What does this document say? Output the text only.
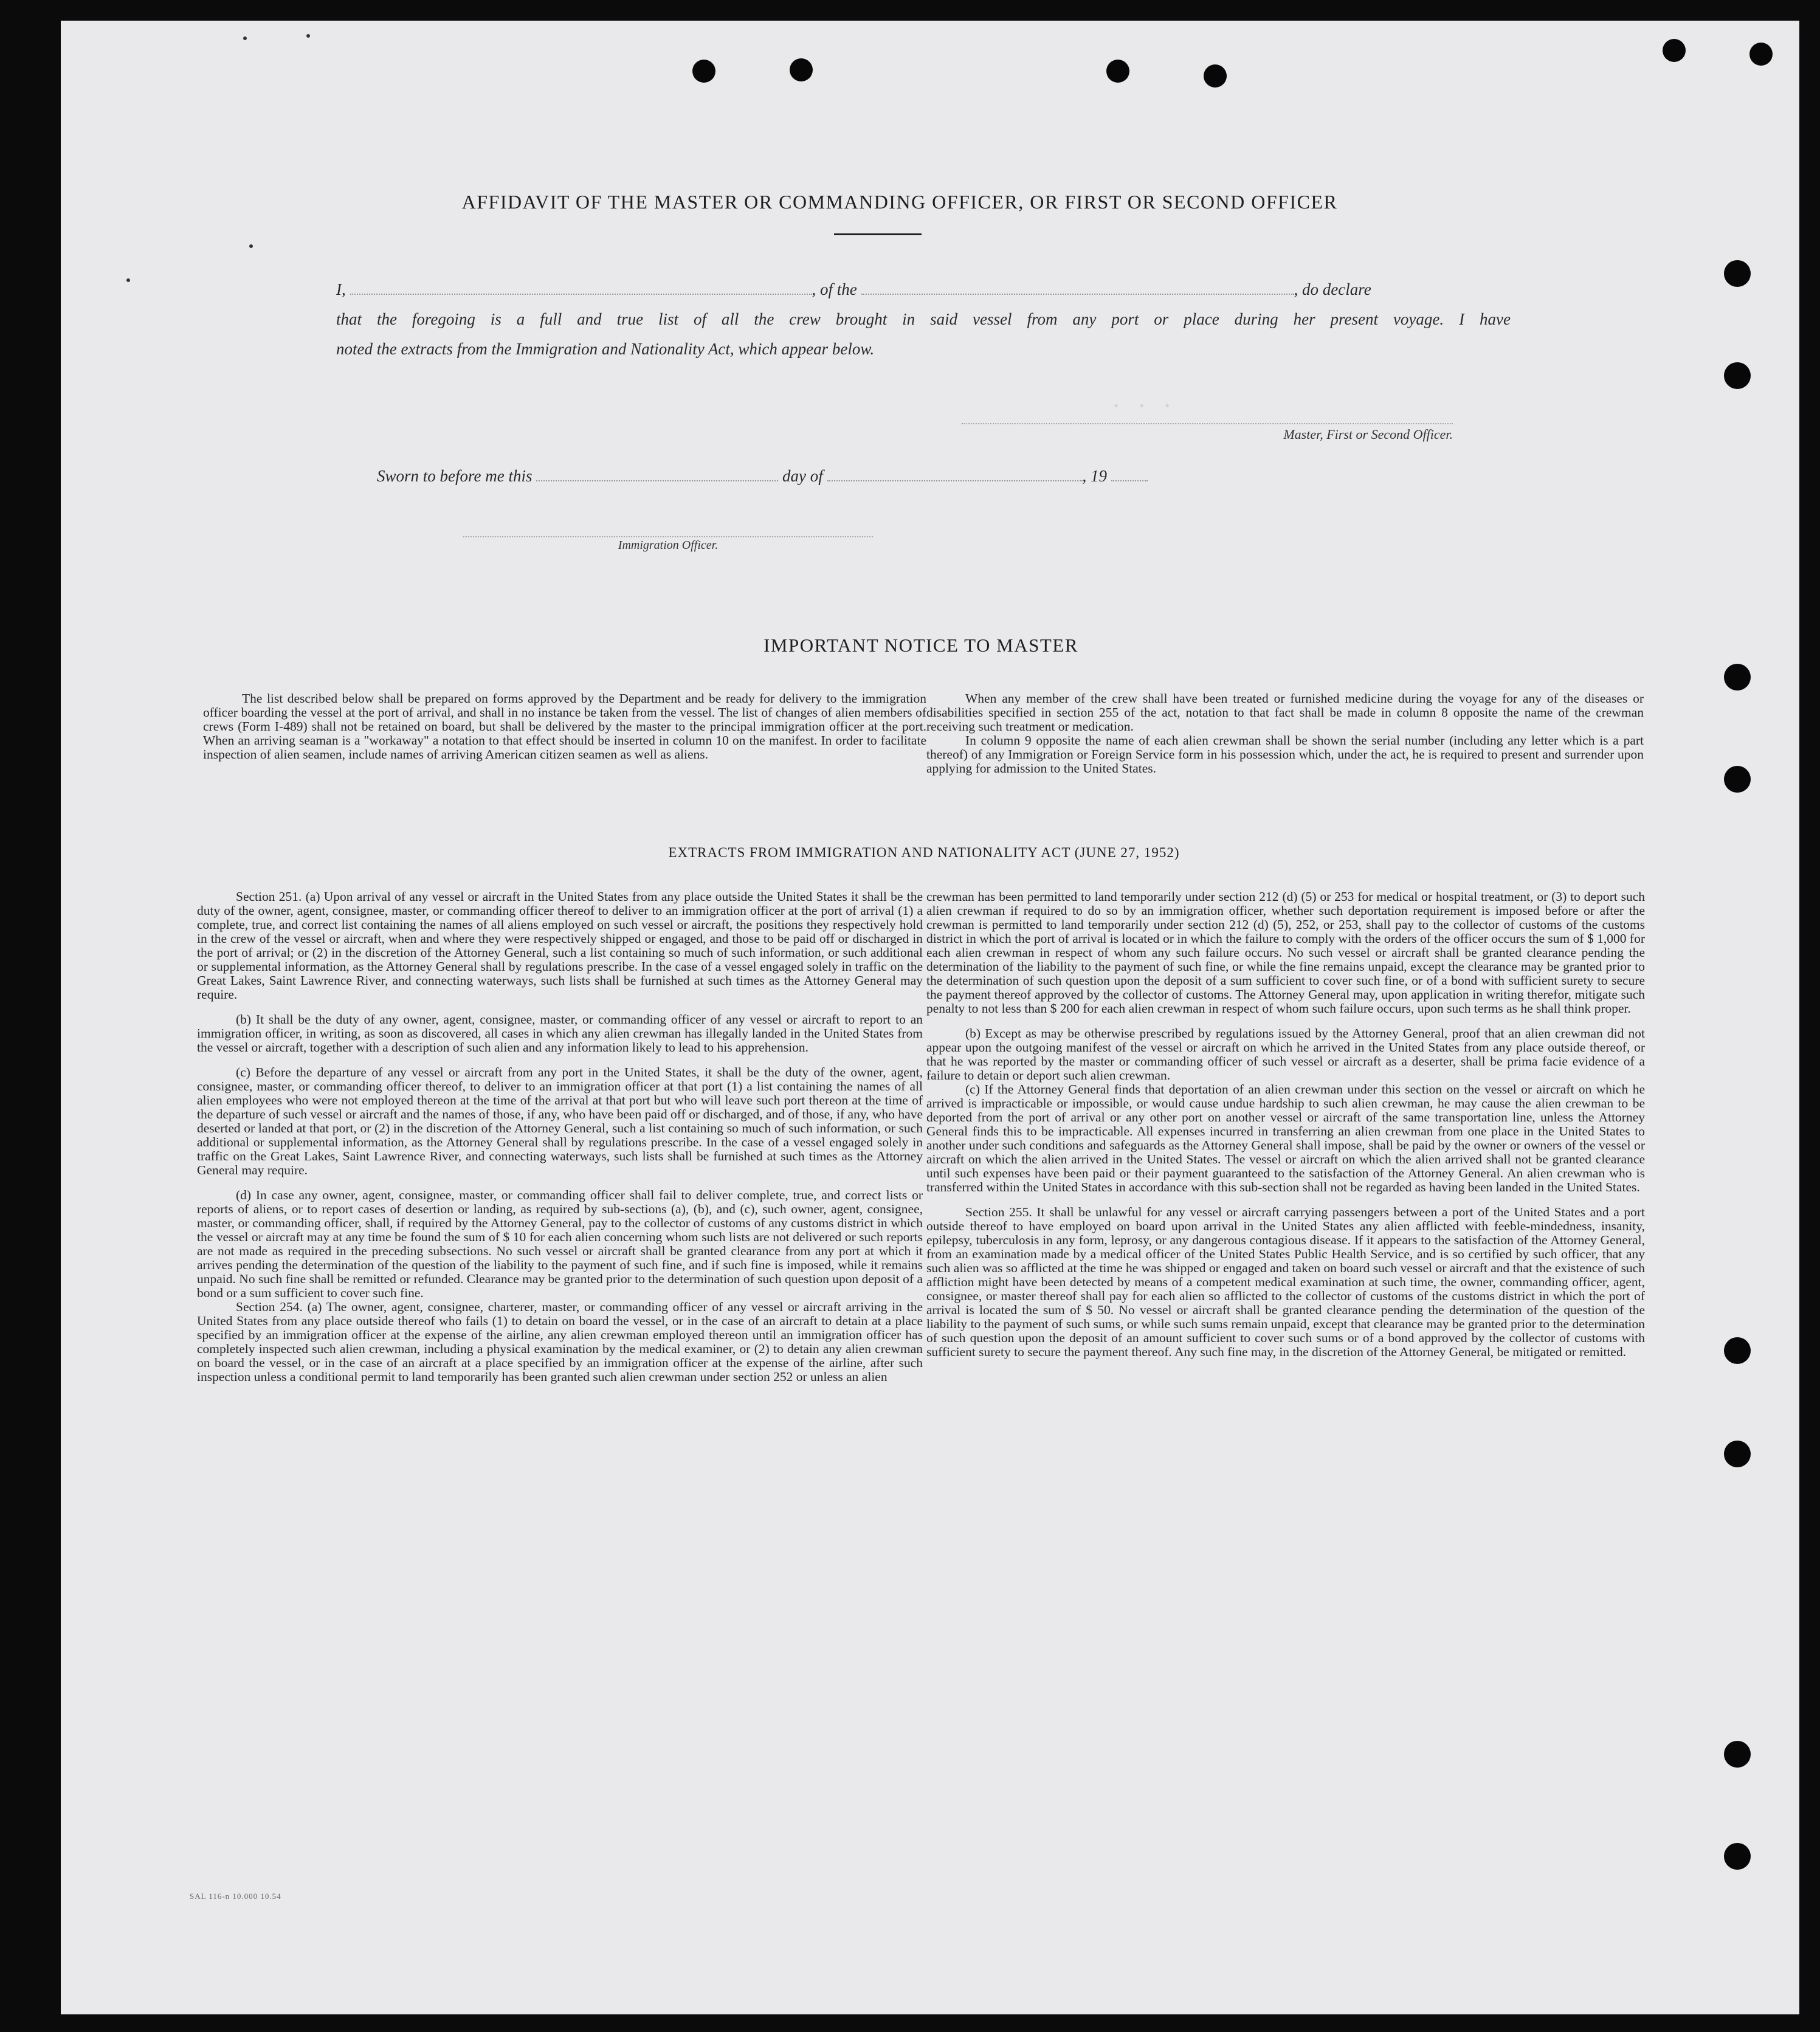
AFFIDAVIT OF THE MASTER OR COMMANDING OFFICER, OR FIRST OR SECOND OFFICER
I,	, of the	, do declare
that the foregoing is a full and true list of all the crew brought in said vessel from any port or place during her present voyage. I have
noted the extracts from the Immigration and Nationality Act, which appear below.
· · ·
Master, First or Second Officer.
Sworn to before me this	day of	, 19
Immigration Officer.
IMPORTANT NOTICE TO MASTER

The list described below shall be prepared on forms approved by the Department and be ready for delivery to the immigration officer boarding the vessel at the port of arrival, and shall in no instance be taken from the vessel. The list of changes of alien members of crews (Form I-489) shall not be retained on board, but shall be delivered by the master to the principal immigration officer at the port. When an arriving seaman is a "workaway" a notation to that effect should be inserted in column 10 on the manifest. In order to facilitate inspection of alien seamen, include names of arriving American citizen seamen as well as aliens.

When any member of the crew shall have been treated or furnished medicine during the voyage for any of the diseases or disabilities specified in section 255 of the act, notation to that fact shall be made in column 8 opposite the name of the crewman receiving such treatment or medication.

In column 9 opposite the name of each alien crewman shall be shown the serial number (including any letter which is a part thereof) of any Immigration or Foreign Service form in his possession which, under the act, he is required to present and surrender upon applying for admission to the United States.

EXTRACTS FROM IMMIGRATION AND NATIONALITY ACT (JUNE 27, 1952)

Section 251. (a) Upon arrival of any vessel or aircraft in the United States from any place outside the United States it shall be the duty of the owner, agent, consignee, master, or commanding officer thereof to deliver to an immigration officer at the port of arrival (1) a complete, true, and correct list containing the names of all aliens employed on such vessel or aircraft, the positions they respectively hold in the crew of the vessel or aircraft, when and where they were respectively shipped or engaged, and those to be paid off or discharged in the port of arrival; or (2) in the discretion of the Attorney General, such a list containing so much of such information, or such additional or supplemental information, as the Attorney General shall by regulations prescribe. In the case of a vessel engaged solely in traffic on the Great Lakes, Saint Lawrence River, and connecting waterways, such lists shall be furnished at such times as the Attorney General may require.

(b) It shall be the duty of any owner, agent, consignee, master, or commanding officer of any vessel or aircraft to report to an immigration officer, in writing, as soon as discovered, all cases in which any alien crewman has illegally landed in the United States from the vessel or aircraft, together with a description of such alien and any information likely to lead to his apprehension.

(c) Before the departure of any vessel or aircraft from any port in the United States, it shall be the duty of the owner, agent, consignee, master, or commanding officer thereof, to deliver to an immigration officer at that port (1) a list containing the names of all alien employees who were not employed thereon at the time of the arrival at that port but who will leave such port thereon at the time of the departure of such vessel or aircraft and the names of those, if any, who have been paid off or discharged, and of those, if any, who have deserted or landed at that port, or (2) in the discretion of the Attorney General, such a list containing so much of such information, or such additional or supplemental information, as the Attorney General shall by regulations prescribe. In the case of a vessel engaged solely in traffic on the Great Lakes, Saint Lawrence River, and connecting waterways, such lists shall be furnished at such times as the Attorney General may require.

(d) In case any owner, agent, consignee, master, or commanding officer shall fail to deliver complete, true, and correct lists or reports of aliens, or to report cases of desertion or landing, as required by sub-sections (a), (b), and (c), such owner, agent, consignee, master, or commanding officer, shall, if required by the Attorney General, pay to the collector of customs of any customs district in which the vessel or aircraft may at any time be found the sum of $ 10 for each alien concerning whom such lists are not delivered or such reports are not made as required in the preceding subsections. No such vessel or aircraft shall be granted clearance from any port at which it arrives pending the determination of the question of the liability to the payment of such fine, and if such fine is imposed, while it remains unpaid. No such fine shall be remitted or refunded. Clearance may be granted prior to the determination of such question upon deposit of a bond or a sum sufficient to cover such fine.

Section 254. (a) The owner, agent, consignee, charterer, master, or commanding officer of any vessel or aircraft arriving in the United States from any place outside thereof who fails (1) to detain on board the vessel, or in the case of an aircraft to detain at a place specified by an immigration officer at the expense of the airline, any alien crewman employed thereon until an immigration officer has completely inspected such alien crewman, including a physical examination by the medical examiner, or (2) to detain any alien crewman on board the vessel, or in the case of an aircraft at a place specified by an immigration officer at the expense of the airline, after such inspection unless a conditional permit to land temporarily has been granted such alien crewman under section 252 or unless an alien

crewman has been permitted to land temporarily under section 212 (d) (5) or 253 for medical or hospital treatment, or (3) to deport such alien crewman if required to do so by an immigration officer, whether such deportation requirement is imposed before or after the crewman is permitted to land temporarily under section 212 (d) (5), 252, or 253, shall pay to the collector of customs of the customs district in which the port of arrival is located or in which the failure to comply with the orders of the officer occurs the sum of $ 1,000 for each alien crewman in respect of whom any such failure occurs. No such vessel or aircraft shall be granted clearance pending the determination of the liability to the payment of such fine, or while the fine remains unpaid, except the clearance may be granted prior to the determination of such question upon the deposit of a sum sufficient to cover such fine, or of a bond with sufficient surety to secure the payment thereof approved by the collector of customs. The Attorney General may, upon application in writing therefor, mitigate such penalty to not less than $ 200 for each alien crewman in respect of whom such failure occurs, upon such terms as he shall think proper.

(b) Except as may be otherwise prescribed by regulations issued by the Attorney General, proof that an alien crewman did not appear upon the outgoing manifest of the vessel or aircraft on which he arrived in the United States from any place outside thereof, or that he was reported by the master or commanding officer of such vessel or aircraft as a deserter, shall be prima facie evidence of a failure to detain or deport such alien crewman.

(c) If the Attorney General finds that deportation of an alien crewman under this section on the vessel or aircraft on which he arrived is impracticable or impossible, or would cause undue hardship to such alien crewman, he may cause the alien crewman to be deported from the port of arrival or any other port on another vessel or aircraft of the same transportation line, unless the Attorney General finds this to be impracticable. All expenses incurred in transferring an alien crewman from one place in the United States to another under such conditions and safeguards as the Attorney General shall impose, shall be paid by the owner or owners of the vessel or aircraft on which the alien arrived in the United States. The vessel or aircraft on which the alien arrived shall not be granted clearance until such expenses have been paid or their payment guaranteed to the satisfaction of the Attorney General. An alien crewman who is transferred within the United States in accordance with this sub-section shall not be regarded as having been landed in the United States.

Section 255. It shall be unlawful for any vessel or aircraft carrying passengers between a port of the United States and a port outside thereof to have employed on board upon arrival in the United States any alien afflicted with feeble-mindedness, insanity, epilepsy, tuberculosis in any form, leprosy, or any dangerous contagious disease. If it appears to the satisfaction of the Attorney General, from an examination made by a medical officer of the United States Public Health Service, and is so certified by such officer, that any such alien was so afflicted at the time he was shipped or engaged and taken on board such vessel or aircraft and that the existence of such affliction might have been detected by means of a competent medical examination at such time, the owner, commanding officer, agent, consignee, or master thereof shall pay for each alien so afflicted to the collector of customs of the customs district in which the port of arrival is located the sum of $ 50. No vessel or aircraft shall be granted clearance pending the determination of the question of the liability to the payment of such sums, or while such sums remain unpaid, except that clearance may be granted prior to the determination of such question upon the deposit of an amount sufficient to cover such sums or of a bond approved by the collector of customs with sufficient surety to secure the payment thereof. Any such fine may, in the discretion of the Attorney General, be mitigated or remitted.

SAL 116-n 10.000 10.54
